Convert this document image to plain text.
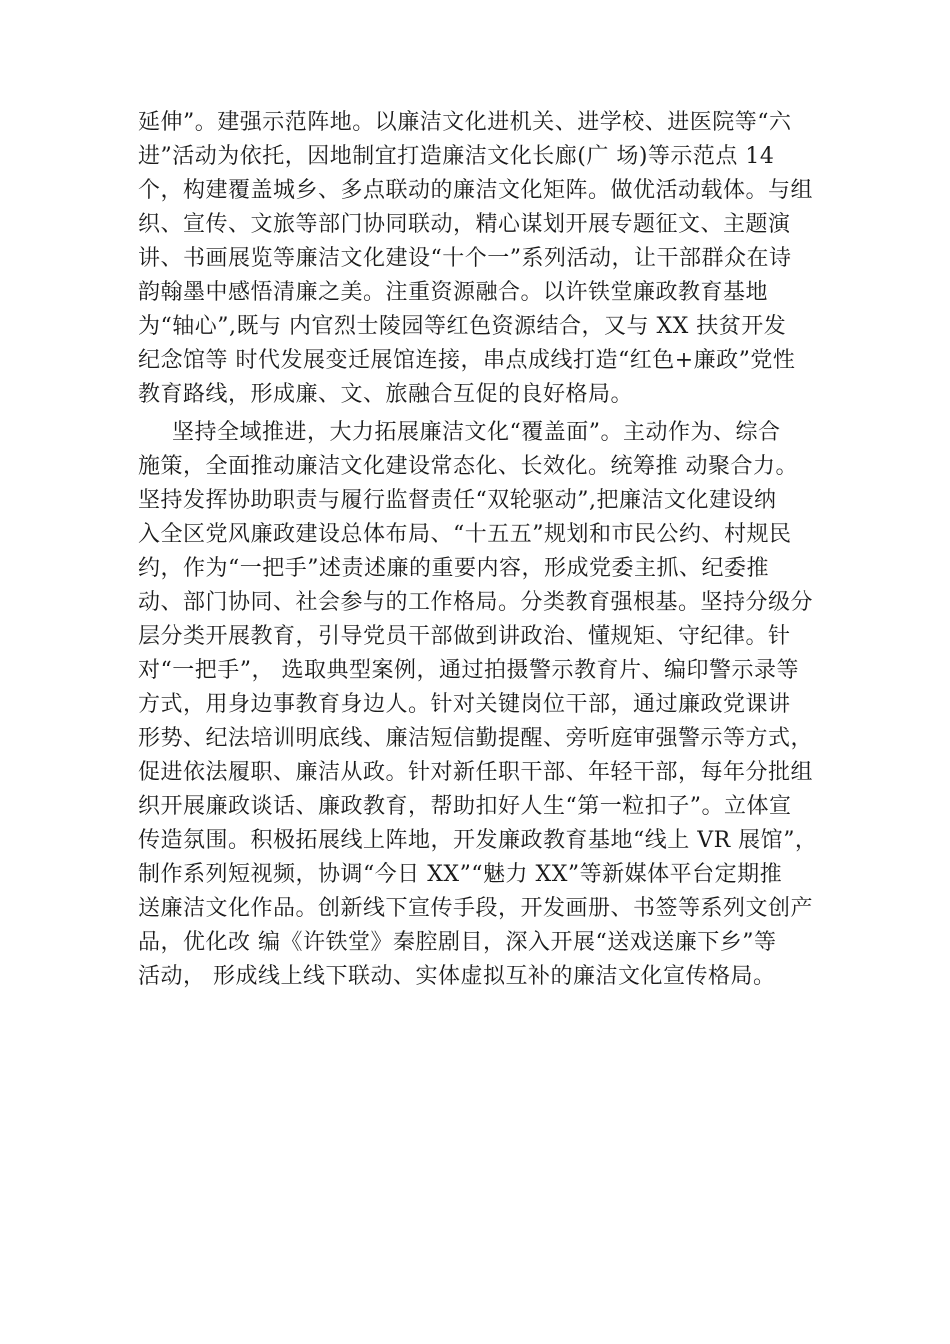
延伸”。建强示范阵地。以廉洁文化进机关、进学校、进医院等“六
进”活动为依托，因地制宜打造廉洁文化长廊(广 场)等示范点 14
个，构建覆盖城乡、多点联动的廉洁文化矩阵。做优活动载体。与组
织、宣传、文旅等部门协同联动，精心谋划开展专题征文、主题演
讲、书画展览等廉洁文化建设“十个一”系列活动，让干部群众在诗
韵翰墨中感悟清廉之美。注重资源融合。以许铁堂廉政教育基地
为“轴心”,既与 内官烈士陵园等红色资源结合，又与 XX 扶贫开发
纪念馆等 时代发展变迁展馆连接，串点成线打造“红色+廉政”党性
教育路线，形成廉、文、旅融合互促的良好格局。
坚持全域推进，大力拓展廉洁文化“覆盖面”。主动作为、综合
施策，全面推动廉洁文化建设常态化、长效化。统筹推 动聚合力。
坚持发挥协助职责与履行监督责任“双轮驱动”,把廉洁文化建设纳
入全区党风廉政建设总体布局、“十五五”规划和市民公约、村规民
约，作为“一把手”述责述廉的重要内容，形成党委主抓、纪委推
动、部门协同、社会参与的工作格局。分类教育强根基。坚持分级分
层分类开展教育，引导党员干部做到讲政治、懂规矩、守纪律。针
对“一把手”， 选取典型案例，通过拍摄警示教育片、编印警示录等
方式，用身边事教育身边人。针对关键岗位干部，通过廉政党课讲
形势、纪法培训明底线、廉洁短信勤提醒、旁听庭审强警示等方式，
促进依法履职、廉洁从政。针对新任职干部、年轻干部，每年分批组
织开展廉政谈话、廉政教育，帮助扣好人生“第一粒扣子”。立体宣
传造氛围。积极拓展线上阵地，开发廉政教育基地“线上 VR 展馆”，
制作系列短视频，协调“今日 XX”“魅力 XX”等新媒体平台定期推
送廉洁文化作品。创新线下宣传手段，开发画册、书签等系列文创产
品，优化改 编《许铁堂》秦腔剧目，深入开展“送戏送廉下乡”等
活动， 形成线上线下联动、实体虚拟互补的廉洁文化宣传格局。
